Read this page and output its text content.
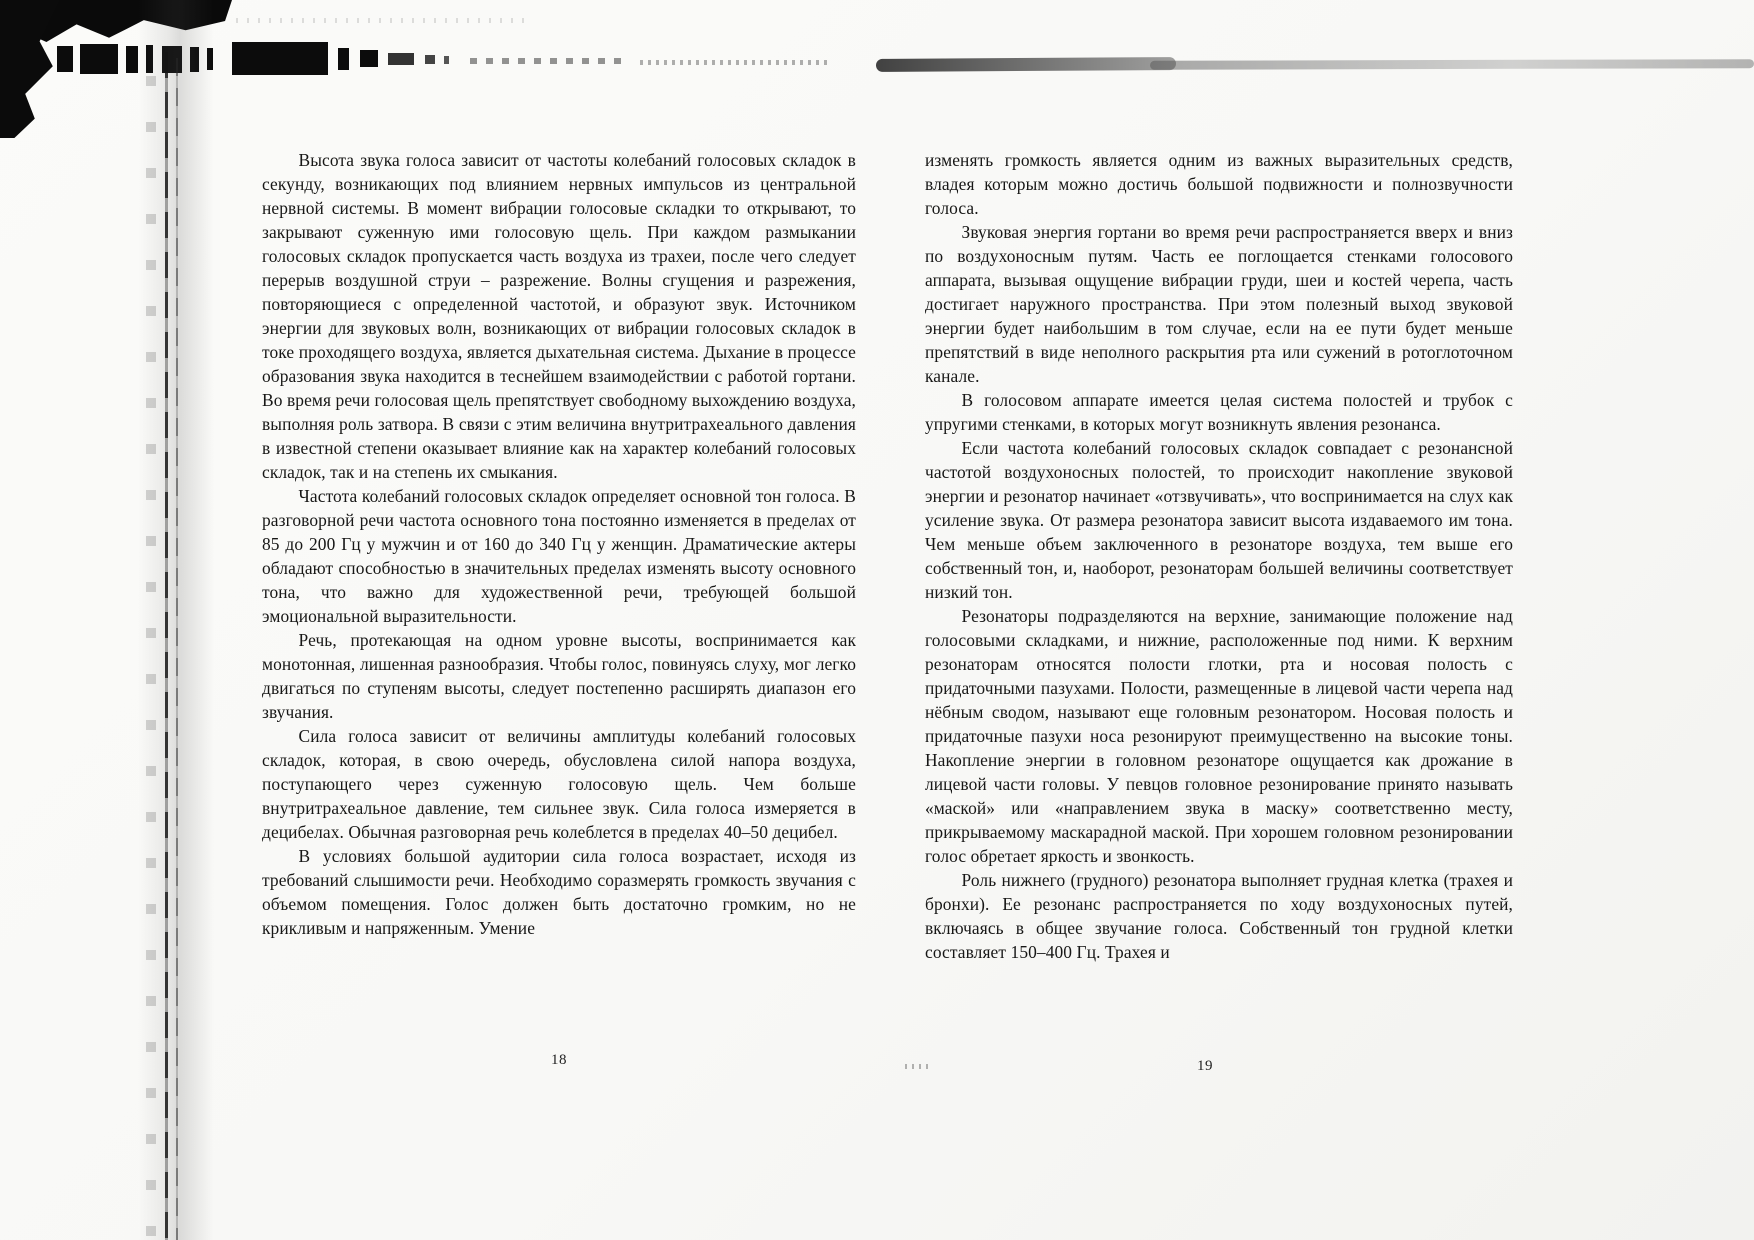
Высота звука голоса зависит от частоты колебаний голосовых складок в секунду, возникающих под влиянием нервных импульсов из центральной нервной системы. В момент вибрации голосовые складки то открывают, то закрывают суженную ими голосовую щель. При каждом размыкании голосовых складок пропускается часть воздуха из трахеи, после чего следует перерыв воздушной струи – разрежение. Волны сгущения и разрежения, повторяющиеся с определенной частотой, и образуют звук. Источником энергии для звуковых волн, возникающих от вибрации голосовых складок в токе проходящего воздуха, является дыхательная система. Дыхание в процессе образования звука находится в теснейшем взаимодействии с работой гортани. Во время речи голосовая щель препятствует свободному выхождению воздуха, выполняя роль затвора. В связи с этим величина внутритрахеального давления в известной степени оказывает влияние как на характер колебаний голосовых складок, так и на степень их смыкания.

Частота колебаний голосовых складок определяет основной тон голоса. В разговорной речи частота основного тона постоянно изменяется в пределах от 85 до 200 Гц у мужчин и от 160 до 340 Гц у женщин. Драматические актеры обладают способностью в значительных пределах изменять высоту основного тона, что важно для художественной речи, требующей большой эмоциональной выразительности.

Речь, протекающая на одном уровне высоты, воспринимается как монотонная, лишенная разнообразия. Чтобы голос, повинуясь слуху, мог легко двигаться по ступеням высоты, следует постепенно расширять диапазон его звучания.

Сила голоса зависит от величины амплитуды колебаний голосовых складок, которая, в свою очередь, обусловлена силой напора воздуха, поступающего через суженную голосовую щель. Чем больше внутритрахеальное давление, тем сильнее звук. Сила голоса измеряется в децибелах. Обычная разговорная речь колеблется в пределах 40–50 децибел.

В условиях большой аудитории сила голоса возрастает, исходя из требований слышимости речи. Необходимо соразмерять громкость звучания с объемом помещения. Голос должен быть достаточно громким, но не крикливым и напряженным. Умение

18

изменять громкость является одним из важных выразительных средств, владея которым можно достичь большой подвижности и полнозвучности голоса.

Звуковая энергия гортани во время речи распространяется вверх и вниз по воздухоносным путям. Часть ее поглощается стенками голосового аппарата, вызывая ощущение вибрации груди, шеи и костей черепа, часть достигает наружного пространства. При этом полезный выход звуковой энергии будет наибольшим в том случае, если на ее пути будет меньше препятствий в виде неполного раскрытия рта или сужений в ротоглоточном канале.

В голосовом аппарате имеется целая система полостей и трубок с упругими стенками, в которых могут возникнуть явления резонанса.

Если частота колебаний голосовых складок совпадает с резонансной частотой воздухоносных полостей, то происходит накопление звуковой энергии и резонатор начинает «отзвучивать», что воспринимается на слух как усиление звука. От размера резонатора зависит высота издаваемого им тона. Чем меньше объем заключенного в резонаторе воздуха, тем выше его собственный тон, и, наоборот, резонаторам большей величины соответствует низкий тон.

Резонаторы подразделяются на верхние, занимающие положение над голосовыми складками, и нижние, расположенные под ними. К верхним резонаторам относятся полости глотки, рта и носовая полость с придаточными пазухами. Полости, размещенные в лицевой части черепа над нёбным сводом, называют еще головным резонатором. Носовая полость и придаточные пазухи носа резонируют преимущественно на высокие тоны. Накопление энергии в головном резонаторе ощущается как дрожание в лицевой части головы. У певцов головное резонирование принято называть «маской» или «направлением звука в маску» соответственно месту, прикрываемому маскарадной маской. При хорошем головном резонировании голос обретает яркость и звонкость.

Роль нижнего (грудного) резонатора выполняет грудная клетка (трахея и бронхи). Ее резонанс распространяется по ходу воздухоносных путей, включаясь в общее звучание голоса. Собственный тон грудной клетки составляет 150–400 Гц. Трахея и

19
